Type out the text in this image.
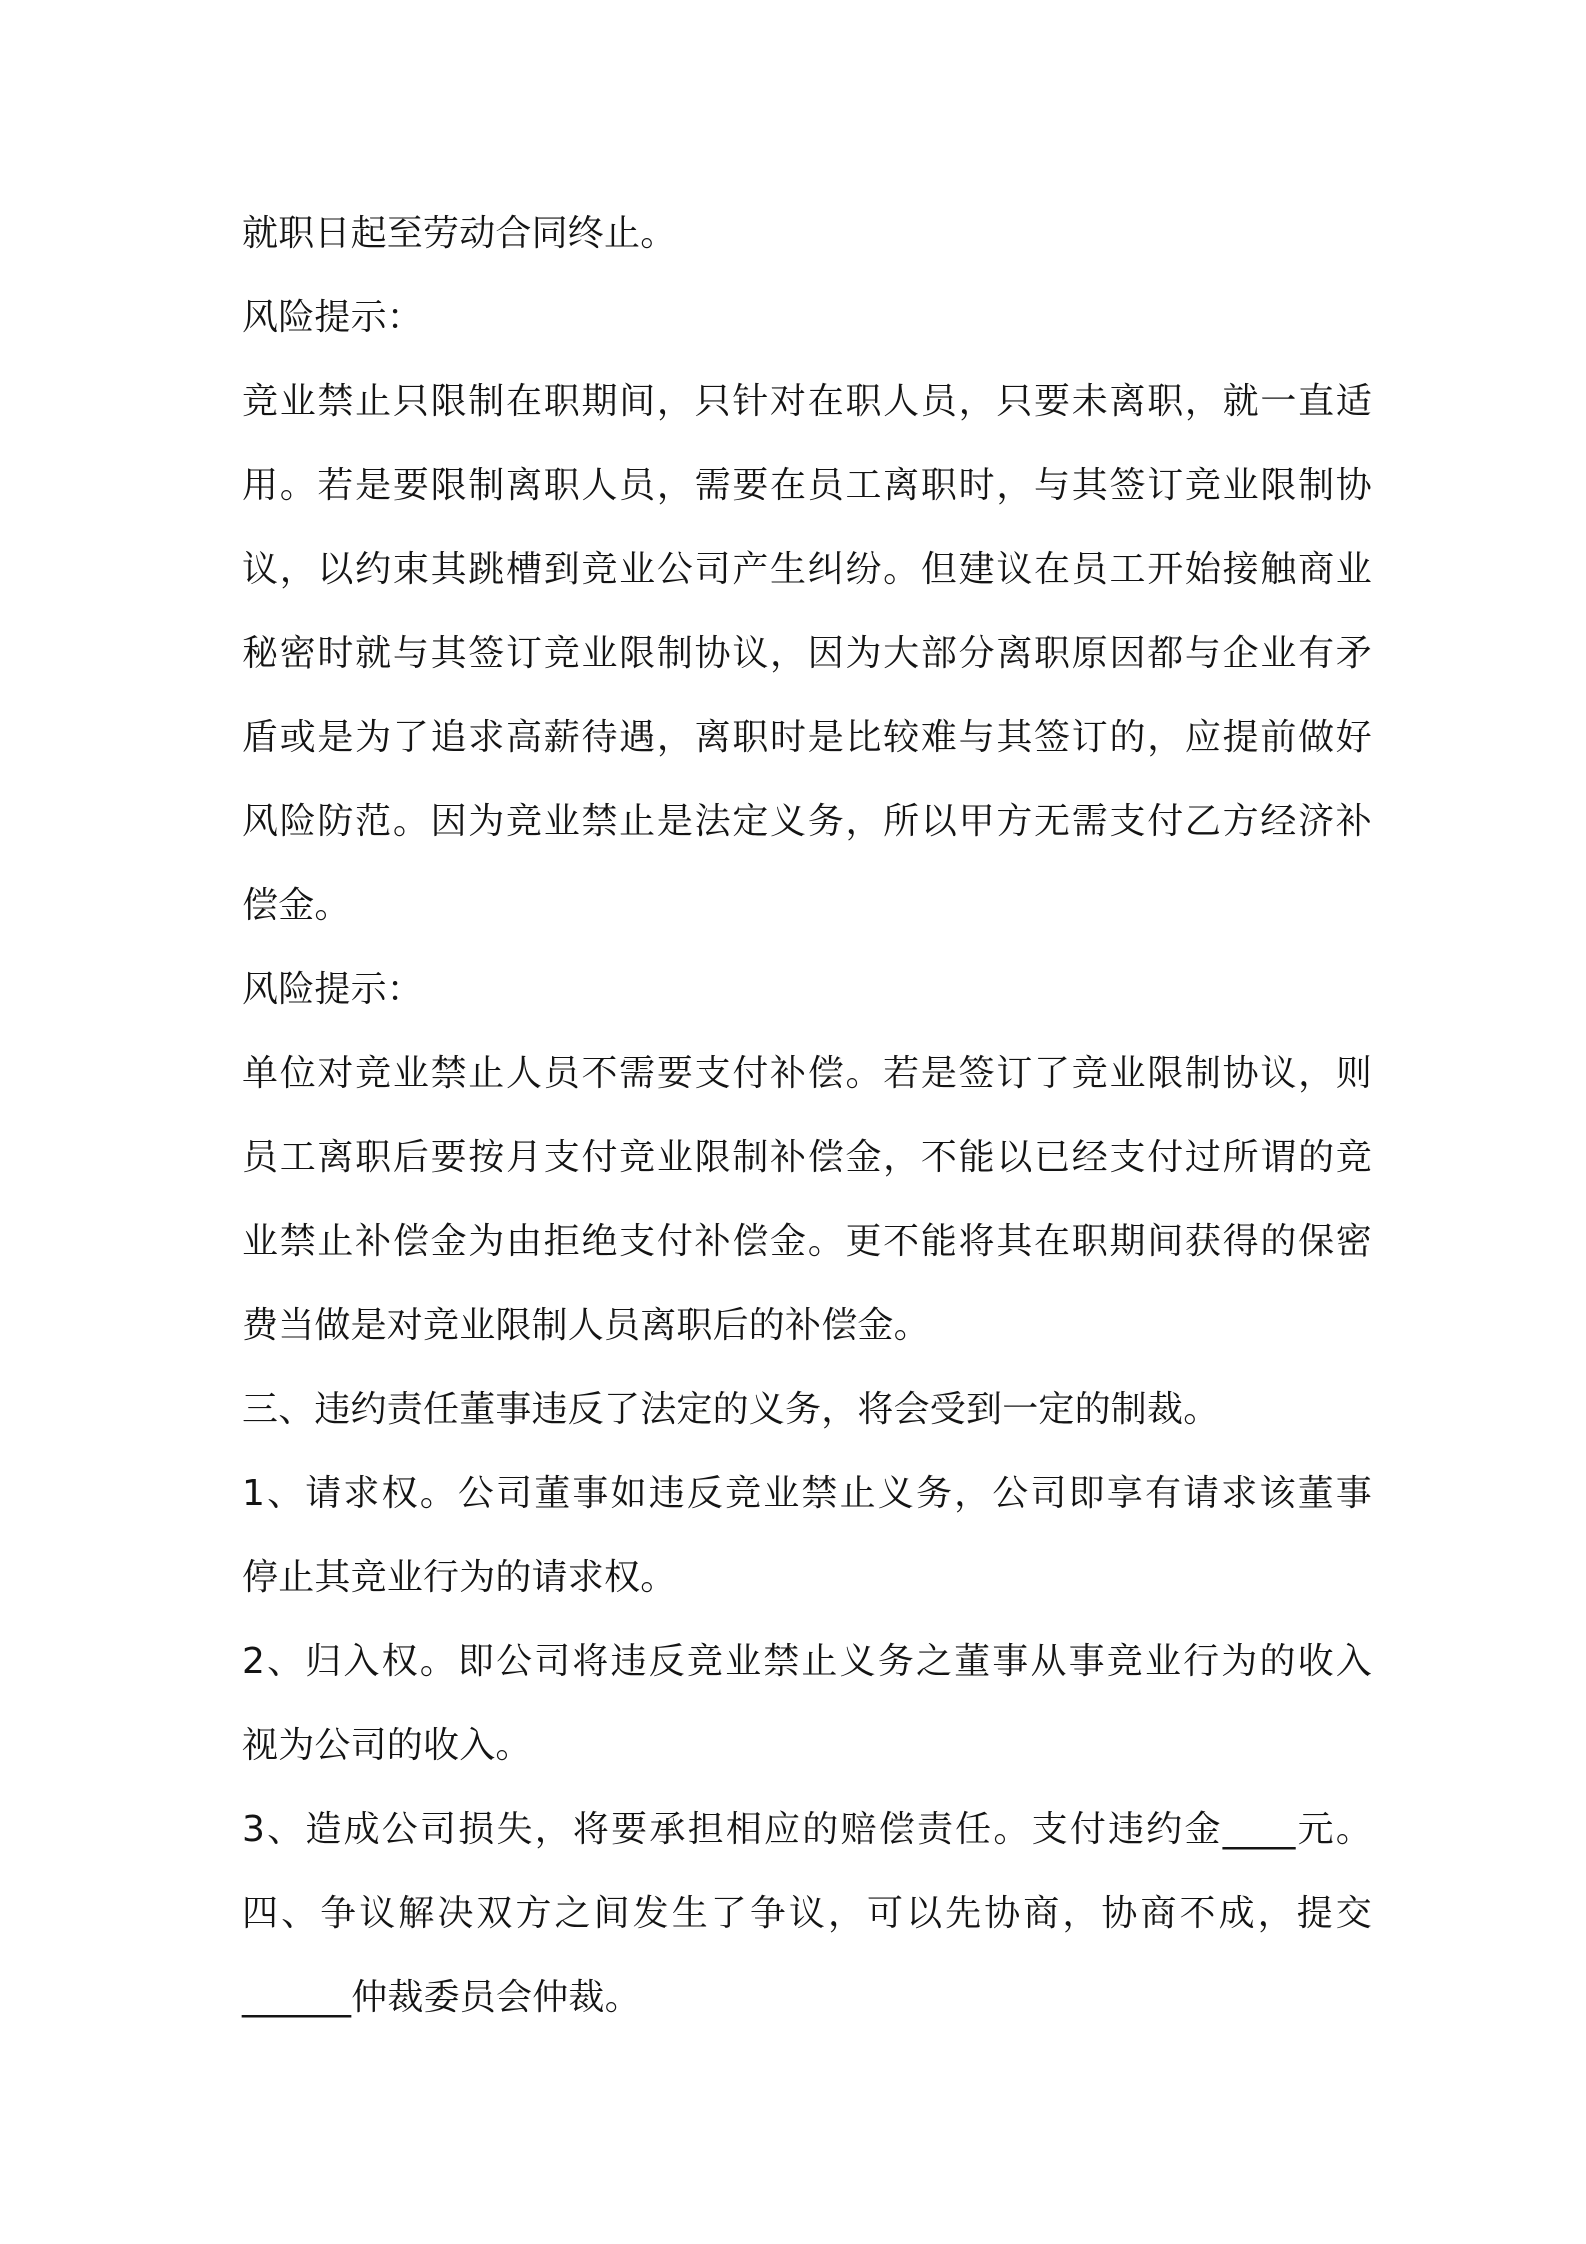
就职日起至劳动合同终止。
风险提示：
竞业禁止只限制在职期间，只针对在职人员，只要未离职，就一直适
用。若是要限制离职人员，需要在员工离职时，与其签订竞业限制协
议，以约束其跳槽到竞业公司产生纠纷。但建议在员工开始接触商业
秘密时就与其签订竞业限制协议，因为大部分离职原因都与企业有矛
盾或是为了追求高薪待遇，离职时是比较难与其签订的，应提前做好
风险防范。因为竞业禁止是法定义务，所以甲方无需支付乙方经济补
偿金。
风险提示：
单位对竞业禁止人员不需要支付补偿。若是签订了竞业限制协议，则
员工离职后要按月支付竞业限制补偿金，不能以已经支付过所谓的竞
业禁止补偿金为由拒绝支付补偿金。更不能将其在职期间获得的保密
费当做是对竞业限制人员离职后的补偿金。
三、违约责任董事违反了法定的义务，将会受到一定的制裁。
1、请求权。公司董事如违反竞业禁止义务，公司即享有请求该董事
停止其竞业行为的请求权。
2、归入权。即公司将违反竞业禁止义务之董事从事竞业行为的收入
视为公司的收入。
3、造成公司损失，将要承担相应的赔偿责任。支付违约金____元。
四、争议解决双方之间发生了争议，可以先协商，协商不成，提交
______仲裁委员会仲裁。
